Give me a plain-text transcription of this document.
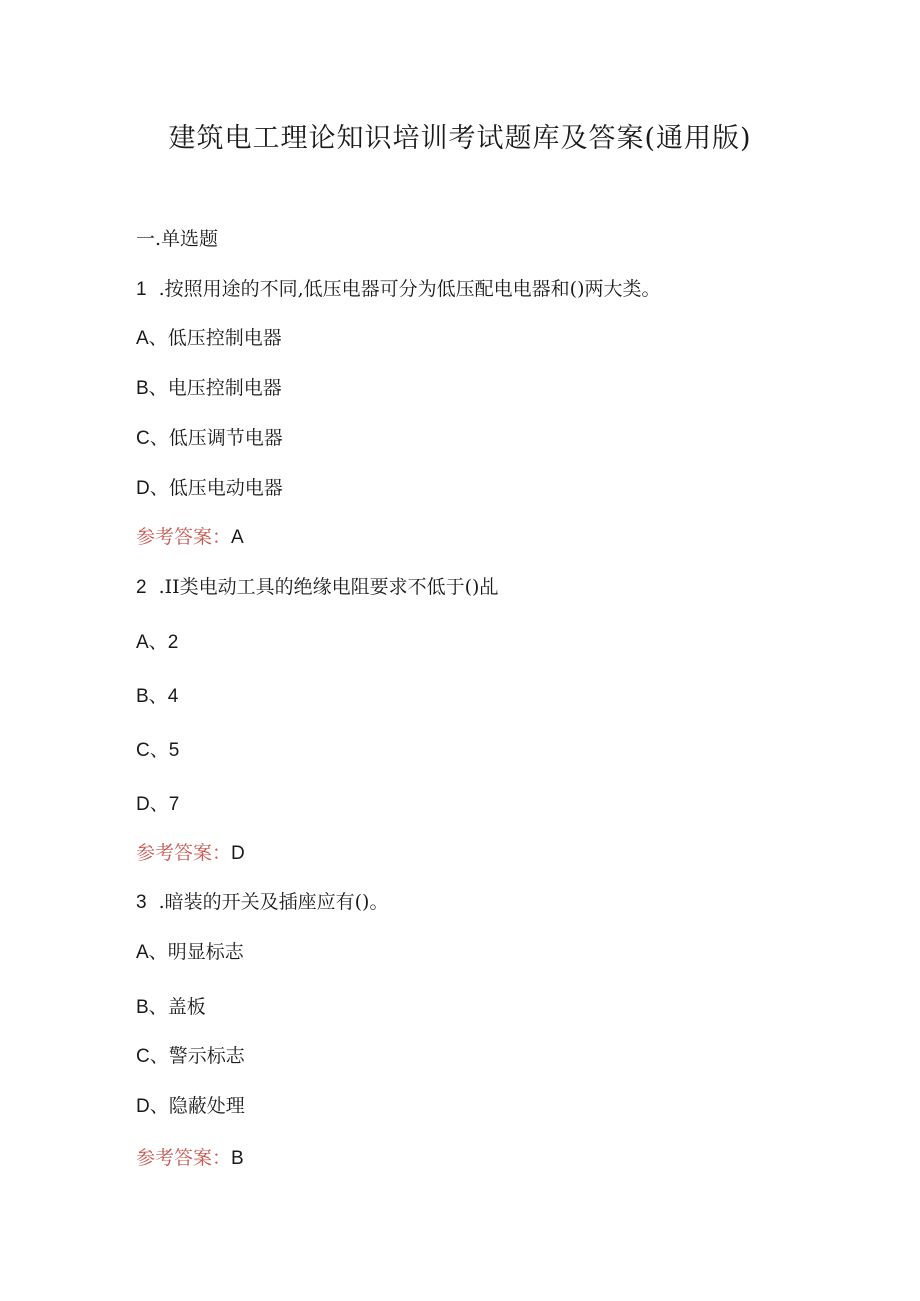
建筑电工理论知识培训考试题库及答案(通用版)
一.单选题
1 .按照用途的不同,低压电器可分为低压配电电器和()两大类。
A、低压控制电器
B、电压控制电器
C、低压调节电器
D、低压电动电器
参考答案：A
2 .II类电动工具的绝缘电阻要求不低于()乩
A、2
B、4
C、5
D、7
参考答案：D
3 .暗装的开关及插座应有()。
A、明显标志
B、盖板
C、警示标志
D、隐蔽处理
参考答案：B
